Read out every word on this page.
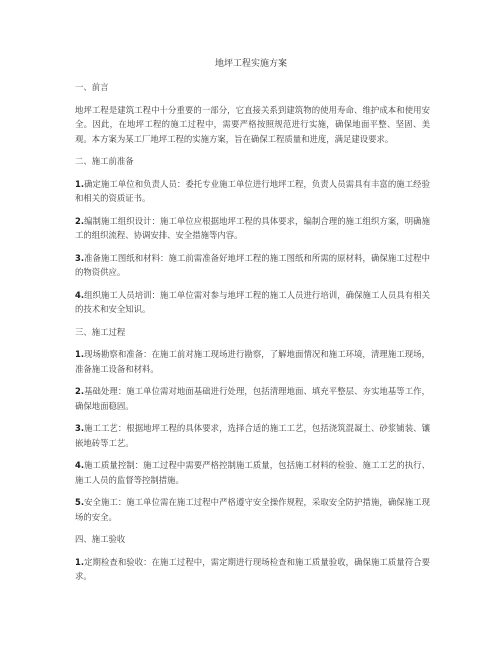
地坪工程实施方案
一、前言
地坪工程是建筑工程中十分重要的一部分，它直接关系到建筑物的使用寿命、维护成本和使用安全。因此，在地坪工程的施工过程中，需要严格按照规范进行实施，确保地面平整、坚固、美观。本方案为某工厂地坪工程的实施方案，旨在确保工程质量和进度，满足建设要求。
二、施工前准备
1.确定施工单位和负责人员：委托专业施工单位进行地坪工程，负责人员需具有丰富的施工经验和相关的资质证书。
2.编制施工组织设计：施工单位应根据地坪工程的具体要求，编制合理的施工组织方案，明确施工的组织流程、协调安排、安全措施等内容。
3.准备施工图纸和材料：施工前需准备好地坪工程的施工图纸和所需的原材料，确保施工过程中的物资供应。
4.组织施工人员培训：施工单位需对参与地坪工程的施工人员进行培训，确保施工人员具有相关的技术和安全知识。
三、施工过程
1.现场勘察和准备：在施工前对施工现场进行勘察，了解地面情况和施工环境，清理施工现场，准备施工设备和材料。
2.基础处理：施工单位需对地面基础进行处理，包括清理地面、填充平整层、夯实地基等工作，确保地面稳固。
3.施工工艺：根据地坪工程的具体要求，选择合适的施工工艺，包括浇筑混凝土、砂浆铺装、镶嵌地砖等工艺。
4.施工质量控制：施工过程中需要严格控制施工质量，包括施工材料的检验、施工工艺的执行、施工人员的监督等控制措施。
5.安全施工：施工单位需在施工过程中严格遵守安全操作规程，采取安全防护措施，确保施工现场的安全。
四、施工验收
1.定期检查和验收：在施工过程中，需定期进行现场检查和施工质量验收，确保施工质量符合要求。
